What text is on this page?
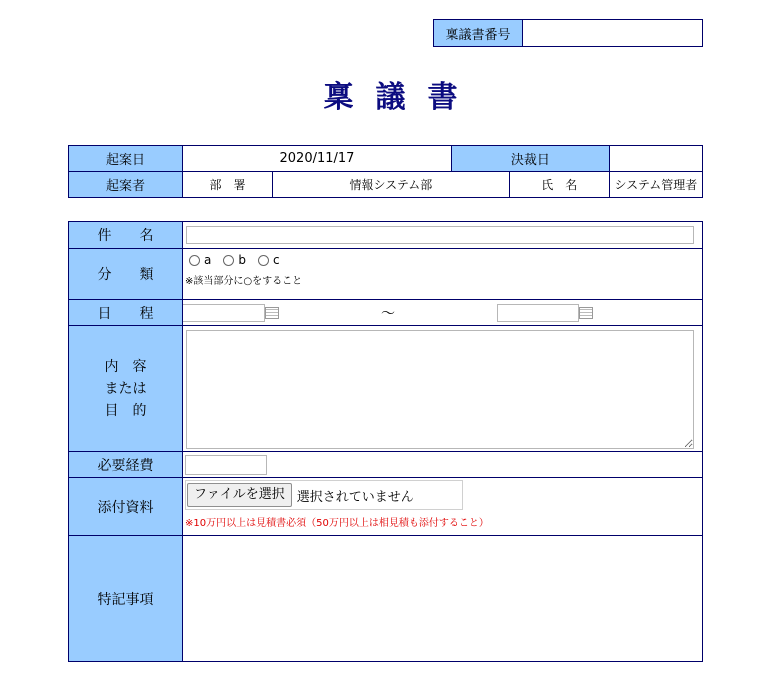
稟議書番号	
稟議書
起案日	2020/11/17		決裁日		
起案者	部　署	情報システム部		氏　名	システム管理者
件　　名	
分　　類	a b c
※該当部分に○をすること

日　　程	～

内　容
または
目　的

必要経費	
添付資料	ファイルを選択 選択されていません
※10万円以上は見積書必須（50万円以上は相見積も添付すること）

特記事項	
